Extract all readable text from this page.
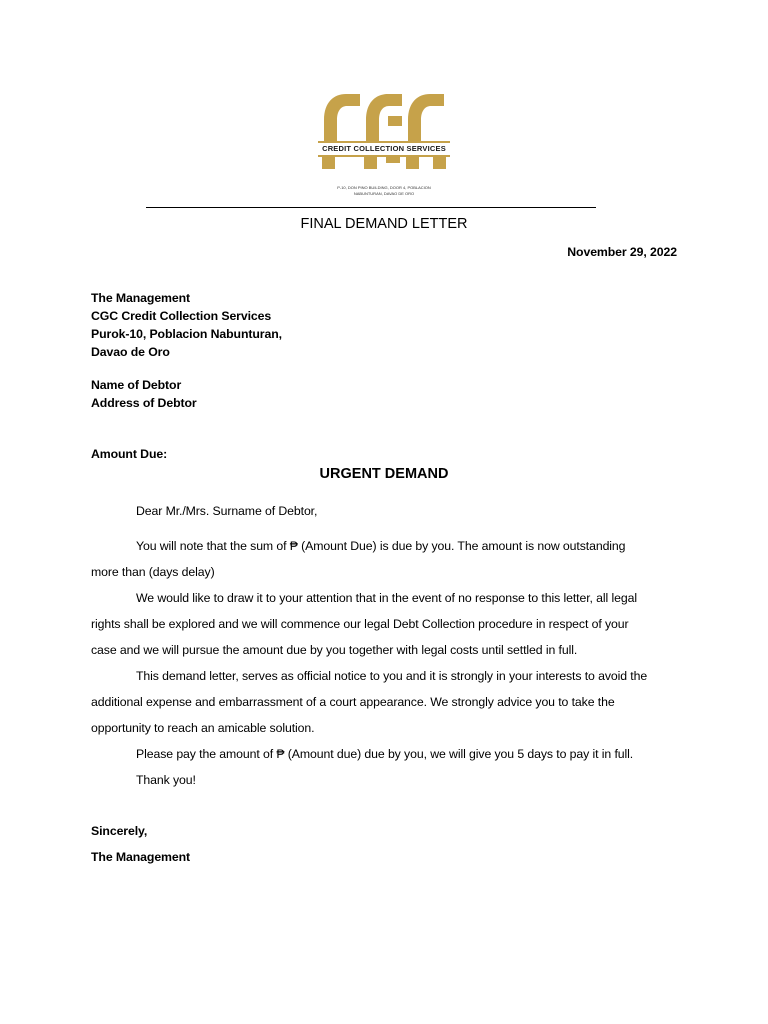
CREDIT COLLECTION SERVICES
P-10, DON PINO BUILDING, DOOR 4, POBLACION
NABUNTURAN, DAVAO DE ORO
FINAL DEMAND LETTER
November 29, 2022
The Management
CGC Credit Collection Services
Purok-10, Poblacion Nabunturan,
Davao de Oro
Name of Debtor
Address of Debtor
Amount Due:
URGENT DEMAND
Dear Mr./Mrs. Surname of Debtor,
You will note that the sum of ₱ (Amount Due) is due by you. The amount is now outstanding
more than (days delay)
We would like to draw it to your attention that in the event of no response to this letter, all legal
rights shall be explored and we will commence our legal Debt Collection procedure in respect of your
case and we will pursue the amount due by you together with legal costs until settled in full.
This demand letter, serves as official notice to you and it is strongly in your interests to avoid the
additional expense and embarrassment of a court appearance. We strongly advice you to take the
opportunity to reach an amicable solution.
Please pay the amount of ₱ (Amount due) due by you, we will give you 5 days to pay it in full.
Thank you!
Sincerely,
The Management
